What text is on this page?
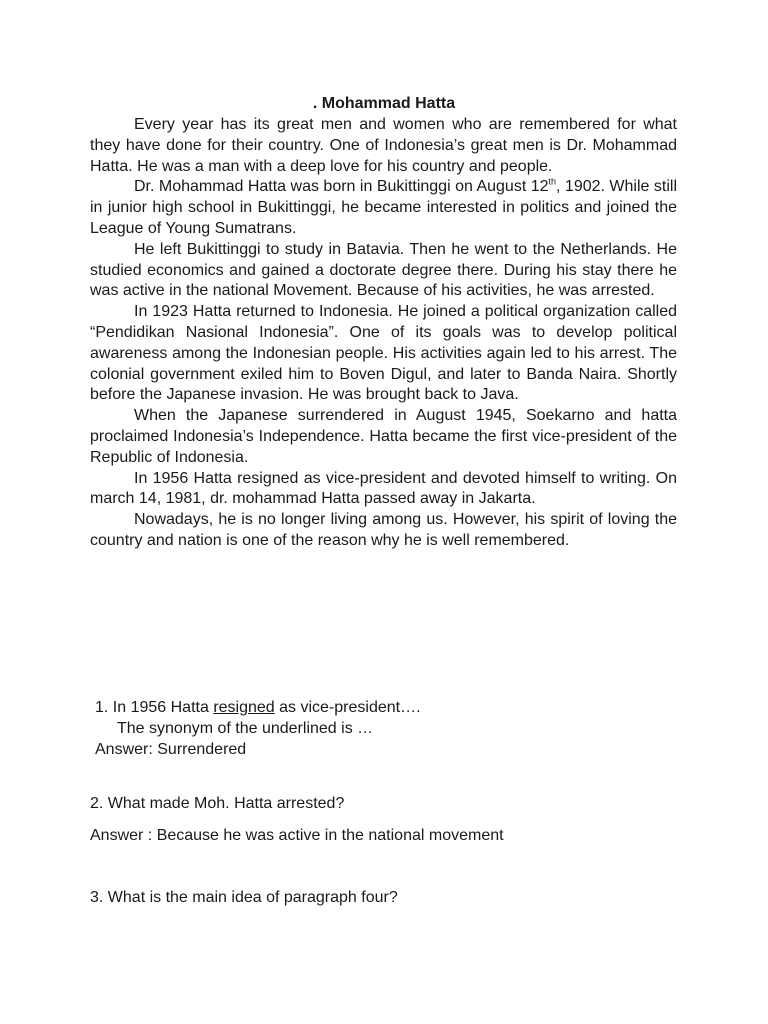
. Mohammad Hatta

Every year has its great men and women who are remembered for what they have done for their country. One of Indonesia’s great men is Dr. Mohammad Hatta. He was a man with a deep love for his country and people.

Dr. Mohammad Hatta was born in Bukittinggi on August 12th, 1902. While still in junior high school in Bukittinggi, he became interested in politics and joined the League of Young Sumatrans.

He left Bukittinggi to study in Batavia. Then he went to the Netherlands. He studied economics and gained a doctorate degree there. During his stay there he was active in the national Movement. Because of his activities, he was arrested.

In 1923 Hatta returned to Indonesia. He joined a political organization called “Pendidikan Nasional Indonesia”. One of its goals was to develop political awareness among the Indonesian people. His activities again led to his arrest. The colonial government exiled him to Boven Digul, and later to Banda Naira. Shortly before the Japanese invasion. He was brought back to Java.

When the Japanese surrendered in August 1945, Soekarno and hatta proclaimed Indonesia’s Independence. Hatta became the first vice-president of the Republic of Indonesia.

In 1956 Hatta resigned as vice-president and devoted himself to writing. On march 14, 1981, dr. mohammad Hatta passed away in Jakarta.

Nowadays, he is no longer living among us. However, his spirit of loving the country and nation is one of the reason why he is well remembered.

1. In 1956 Hatta resigned as vice-president….
The synonym of the underlined is …
Answer: Surrendered
2. What made Moh. Hatta arrested?
Answer : Because he was active in the national movement
3. What is the main idea of paragraph four?
